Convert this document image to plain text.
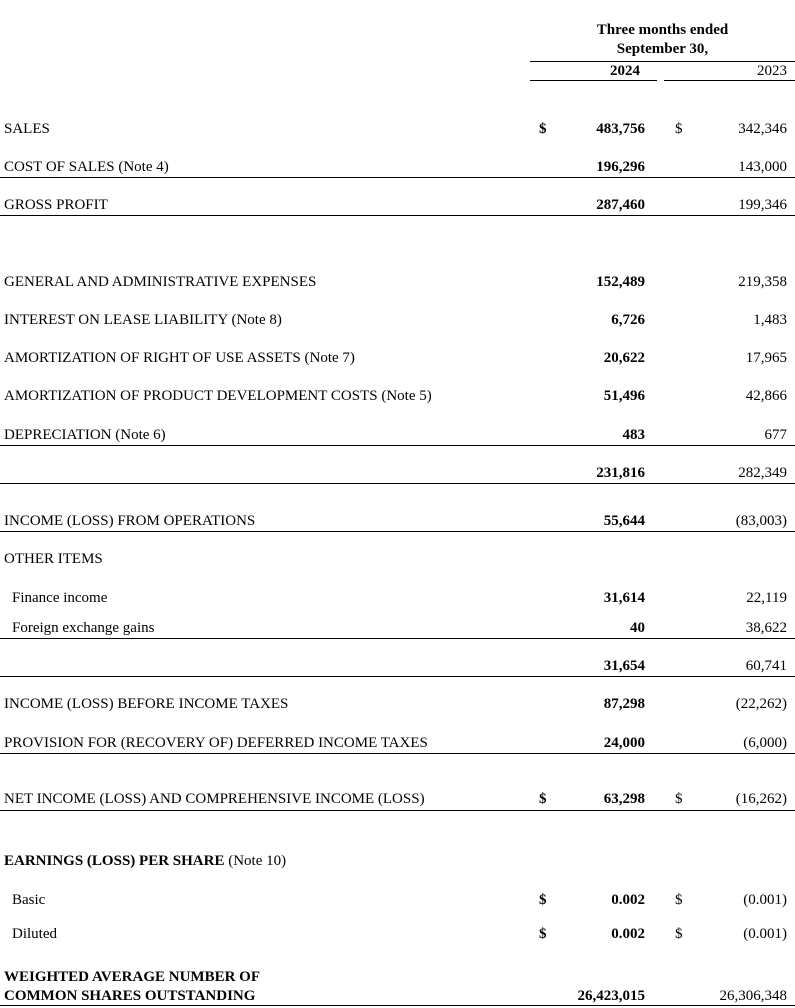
Three months ended
September 30,
2024	2023
SALES	$	483,756 $	342,346
COST OF SALES (Note 4)	196,296	143,000
GROSS PROFIT	287,460	199,346
GENERAL AND ADMINISTRATIVE EXPENSES	152,489	219,358
INTEREST ON LEASE LIABILITY (Note 8)	6,726	1,483
AMORTIZATION OF RIGHT OF USE ASSETS (Note 7)	20,622	17,965
AMORTIZATION OF PRODUCT DEVELOPMENT COSTS (Note 5)	51,496	42,866
DEPRECIATION (Note 6)	483	677
231,816	282,349
INCOME (LOSS) FROM OPERATIONS	55,644	(83,003)
OTHER ITEMS
Finance income	31,614	22,119
Foreign exchange gains	40	38,622
31,654	60,741
INCOME (LOSS) BEFORE INCOME TAXES	87,298	(22,262)
PROVISION FOR (RECOVERY OF) DEFERRED INCOME TAXES	24,000	(6,000)
NET INCOME (LOSS) AND COMPREHENSIVE INCOME (LOSS)	$	63,298 $	(16,262)
EARNINGS (LOSS) PER SHARE (Note 10)
Basic	$	0.002 $	(0.001)
Diluted	$	0.002 $	(0.001)
WEIGHTED AVERAGE NUMBER OF
COMMON SHARES OUTSTANDING	26,423,015	26,306,348
